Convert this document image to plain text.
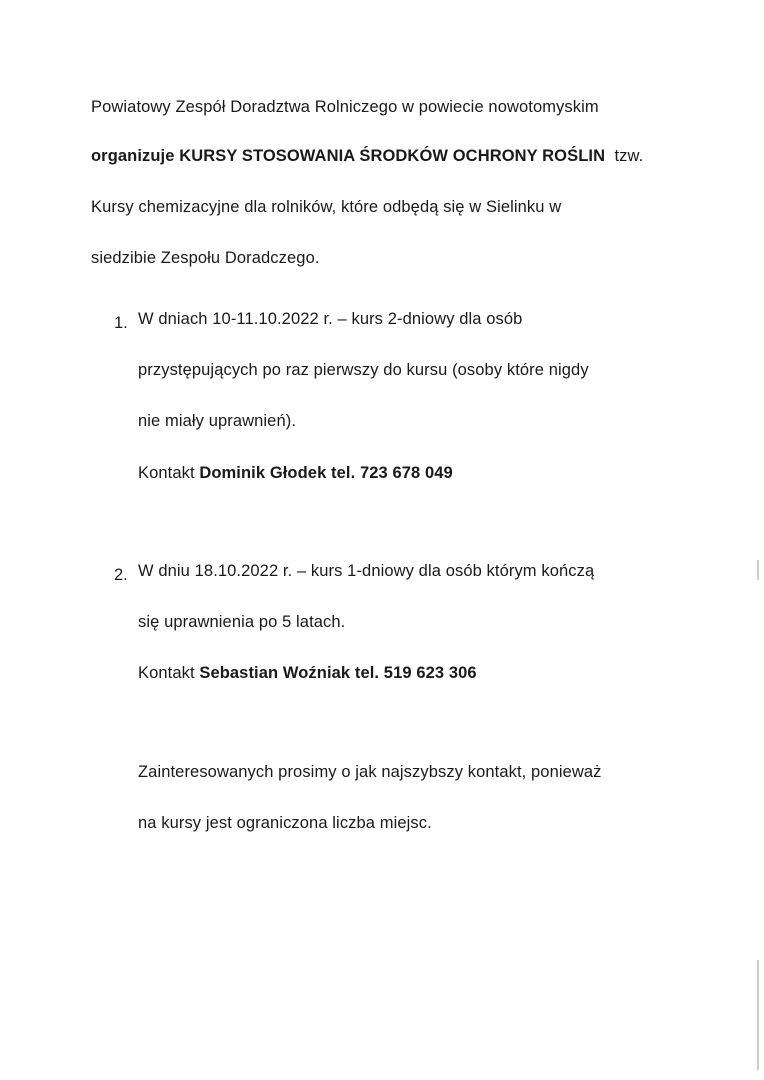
Powiatowy Zespół Doradztwa Rolniczego w powiecie nowotomyskim
organizuje KURSY STOSOWANIA ŚRODKÓW OCHRONY ROŚLIN tzw.
Kursy chemizacyjne dla rolników, które odbędą się w Sielinku w
siedzibie Zespołu Doradczego.
1. W dniach 10-11.10.2022 r. – kurs 2-dniowy dla osób
przystępujących po raz pierwszy do kursu (osoby które nigdy
nie miały uprawnień).
Kontakt Dominik Głodek tel. 723 678 049
2. W dniu 18.10.2022 r. – kurs 1-dniowy dla osób którym kończą
się uprawnienia po 5 latach.
Kontakt Sebastian Woźniak tel. 519 623 306
Zainteresowanych prosimy o jak najszybszy kontakt, ponieważ
na kursy jest ograniczona liczba miejsc.
